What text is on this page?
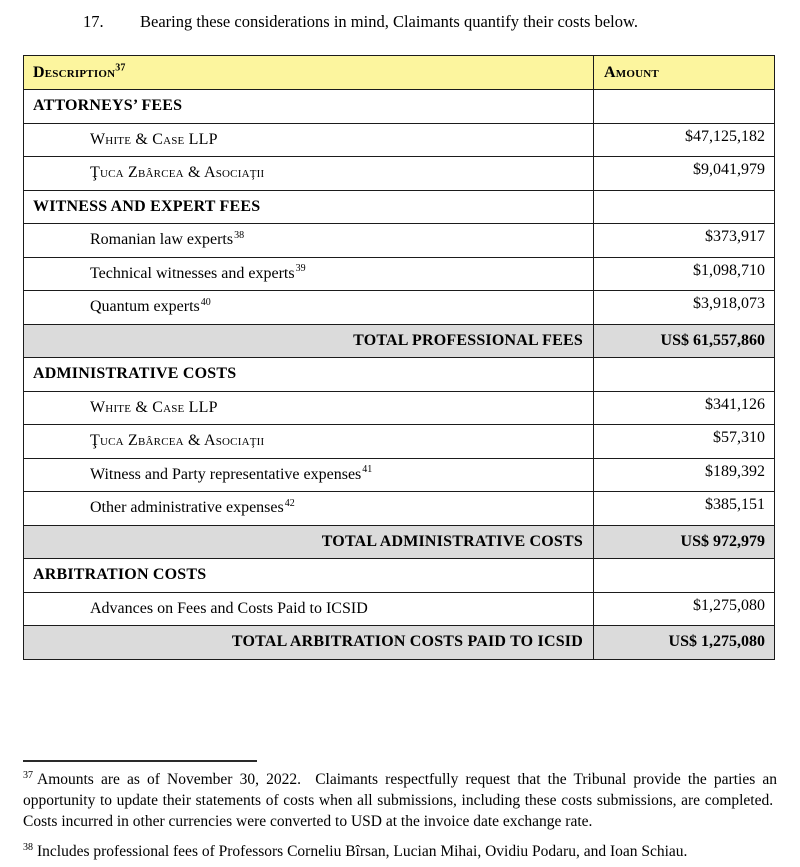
17. Bearing these considerations in mind, Claimants quantify their costs below.
Description$^{37}$	Amount
ATTORNEYS’ FEES	
White & Case LLP	$47,125,182
Ţuca Zbârcea & Asociaţii	$9,041,979
WITNESS AND EXPERT FEES	
Romanian law experts$^{38}$	$373,917
Technical witnesses and experts$^{39}$	$1,098,710
Quantum experts$^{40}$	$3,918,073
TOTAL PROFESSIONAL FEES	US$ 61,557,860
ADMINISTRATIVE COSTS	
White & Case LLP	$341,126
Ţuca Zbârcea & Asociaţii	$57,310
Witness and Party representative expenses$^{41}$	$189,392
Other administrative expenses$^{42}$	$385,151
TOTAL ADMINISTRATIVE COSTS	US$ 972,979
ARBITRATION COSTS	
Advances on Fees and Costs Paid to ICSID	$1,275,080
TOTAL ARBITRATION COSTS PAID TO ICSID	US$ 1,275,080

$^{37}$ Amounts are as of November 30, 2022.  Claimants respectfully request that the Tribunal provide the parties an opportunity to update their statements of costs when all submissions, including these costs submissions, are completed.  Costs incurred in other currencies were converted to USD at the invoice date exchange rate.

$^{38}$ Includes professional fees of Professors Corneliu Bîrsan, Lucian Mihai, Ovidiu Podaru, and Ioan Schiau.
